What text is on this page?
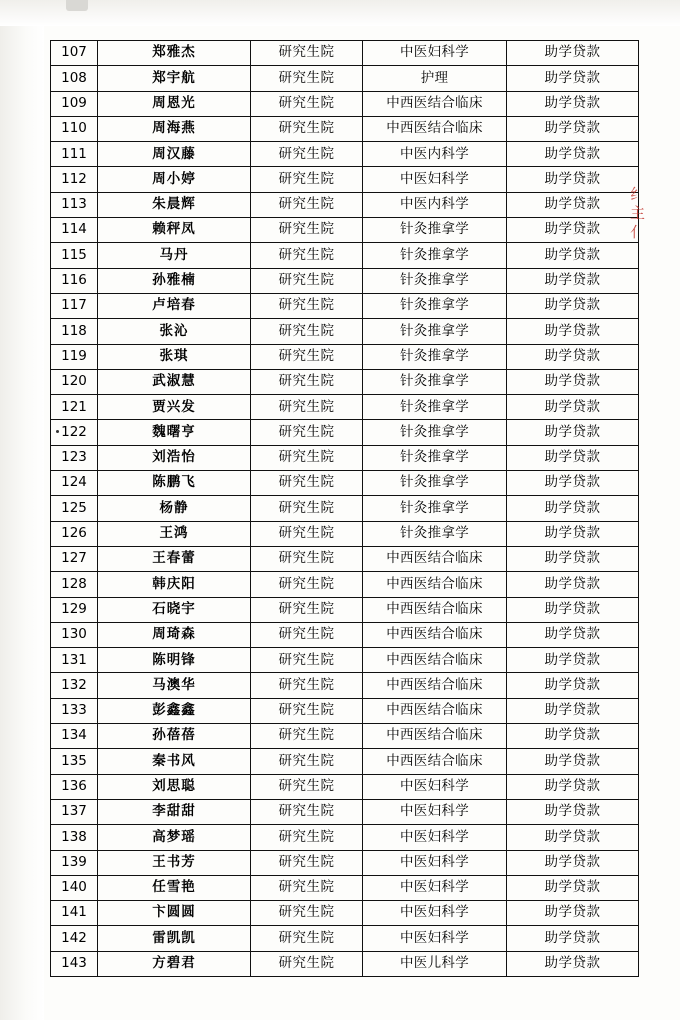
107	郑雅杰	研究生院	中医妇科学	助学贷款
108	郑宇航	研究生院	护理	助学贷款
109	周恩光	研究生院	中西医结合临床	助学贷款
110	周海燕	研究生院	中西医结合临床	助学贷款
111	周汉藤	研究生院	中医内科学	助学贷款
112	周小婷	研究生院	中医妇科学	助学贷款
113	朱晨辉	研究生院	中医内科学	助学贷款
114	赖秤凤	研究生院	针灸推拿学	助学贷款
115	马丹	研究生院	针灸推拿学	助学贷款
116	孙雅楠	研究生院	针灸推拿学	助学贷款
117	卢培春	研究生院	针灸推拿学	助学贷款
118	张沁	研究生院	针灸推拿学	助学贷款
119	张琪	研究生院	针灸推拿学	助学贷款
120	武淑慧	研究生院	针灸推拿学	助学贷款
121	贾兴发	研究生院	针灸推拿学	助学贷款
122	魏曙亨	研究生院	针灸推拿学	助学贷款
123	刘浩怡	研究生院	针灸推拿学	助学贷款
124	陈鹏飞	研究生院	针灸推拿学	助学贷款
125	杨静	研究生院	针灸推拿学	助学贷款
126	王鸿	研究生院	针灸推拿学	助学贷款
127	王春蕾	研究生院	中西医结合临床	助学贷款
128	韩庆阳	研究生院	中西医结合临床	助学贷款
129	石晓宇	研究生院	中西医结合临床	助学贷款
130	周琦森	研究生院	中西医结合临床	助学贷款
131	陈明锋	研究生院	中西医结合临床	助学贷款
132	马澳华	研究生院	中西医结合临床	助学贷款
133	彭鑫鑫	研究生院	中西医结合临床	助学贷款
134	孙蓓蓓	研究生院	中西医结合临床	助学贷款
135	秦书风	研究生院	中西医结合临床	助学贷款
136	刘思聪	研究生院	中医妇科学	助学贷款
137	李甜甜	研究生院	中医妇科学	助学贷款
138	高梦瑶	研究生院	中医妇科学	助学贷款
139	王书芳	研究生院	中医妇科学	助学贷款
140	任雪艳	研究生院	中医妇科学	助学贷款
141	卞圆圆	研究生院	中医妇科学	助学贷款
142	雷凯凯	研究生院	中医妇科学	助学贷款
143	方碧君	研究生院	中医儿科学	助学贷款
纟
主
亻
